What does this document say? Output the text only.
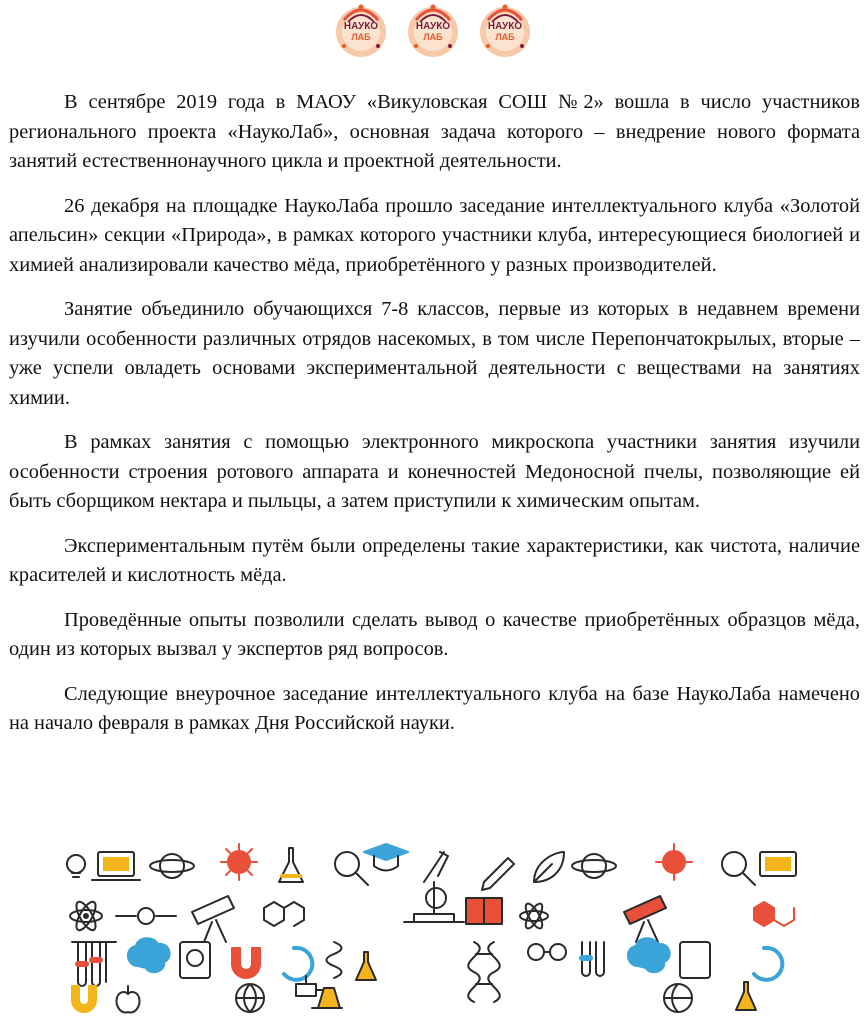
НАУКО
ЛАБ
НАУКО
ЛАБ
НАУКО
ЛАБ

В сентябре 2019 года в МАОУ «Викуловская СОШ №2» вошла в число участников регионального проекта «НаукоЛаб», основная задача которого – внедрение нового формата занятий естественнонаучного цикла и проектной деятельности.

26 декабря на площадке НаукоЛаба прошло заседание интеллектуального клуба «Золотой апельсин» секции «Природа», в рамках которого участники клуба, интересующиеся биологией и химией анализировали качество мёда, приобретённого у разных производителей.

Занятие объединило обучающихся 7-8 классов, первые из которых в недавнем времени изучили особенности различных отрядов насекомых, в том числе Перепончатокрылых, вторые – уже успели овладеть основами экспериментальной деятельности с веществами на занятиях химии.

В рамках занятия с помощью электронного микроскопа участники занятия изучили особенности строения ротового аппарата и конечностей Медоносной пчелы, позволяющие ей быть сборщиком нектара и пыльцы, а затем приступили к химическим опытам.

Экспериментальным путём были определены такие характеристики, как чистота, наличие красителей и кислотность мёда.

Проведённые опыты позволили сделать вывод о качестве приобретённых образцов мёда, один из которых вызвал у экспертов ряд вопросов.

Следующие внеурочное заседание интеллектуального клуба на базе НаукоЛаба намечено на начало февраля в рамках Дня Российской науки.
